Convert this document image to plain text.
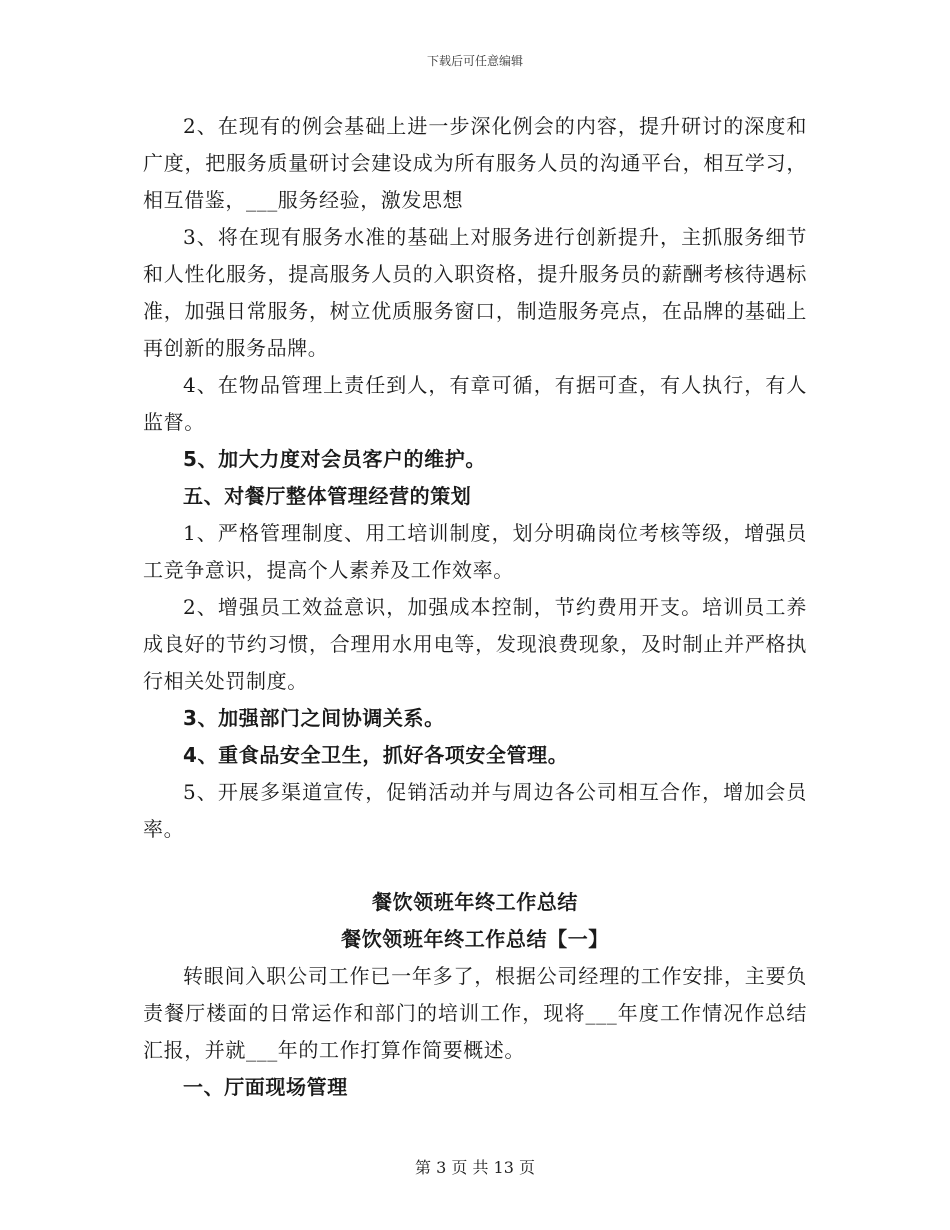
下载后可任意编辑

2、在现有的例会基础上进一步深化例会的内容，提升研讨的深度和广度，把服务质量研讨会建设成为所有服务人员的沟通平台，相互学习，相互借鉴，___服务经验，激发思想

3、将在现有服务水准的基础上对服务进行创新提升，主抓服务细节和人性化服务，提高服务人员的入职资格，提升服务员的薪酬考核待遇标准，加强日常服务，树立优质服务窗口，制造服务亮点，在品牌的基础上再创新的服务品牌。

4、在物品管理上责任到人，有章可循，有据可查，有人执行，有人监督。

5、加大力度对会员客户的维护。

五、对餐厅整体管理经营的策划

1、严格管理制度、用工培训制度，划分明确岗位考核等级，增强员工竞争意识，提高个人素养及工作效率。

2、增强员工效益意识，加强成本控制，节约费用开支。培训员工养成良好的节约习惯，合理用水用电等，发现浪费现象，及时制止并严格执行相关处罚制度。

3、加强部门之间协调关系。

4、重食品安全卫生，抓好各项安全管理。

5、开展多渠道宣传，促销活动并与周边各公司相互合作，增加会员率。

餐饮领班年终工作总结

餐饮领班年终工作总结【一】

转眼间入职公司工作已一年多了，根据公司经理的工作安排，主要负责餐厅楼面的日常运作和部门的培训工作，现将___年度工作情况作总结汇报，并就___年的工作打算作简要概述。

一、厅面现场管理

第 3 页 共 13 页
